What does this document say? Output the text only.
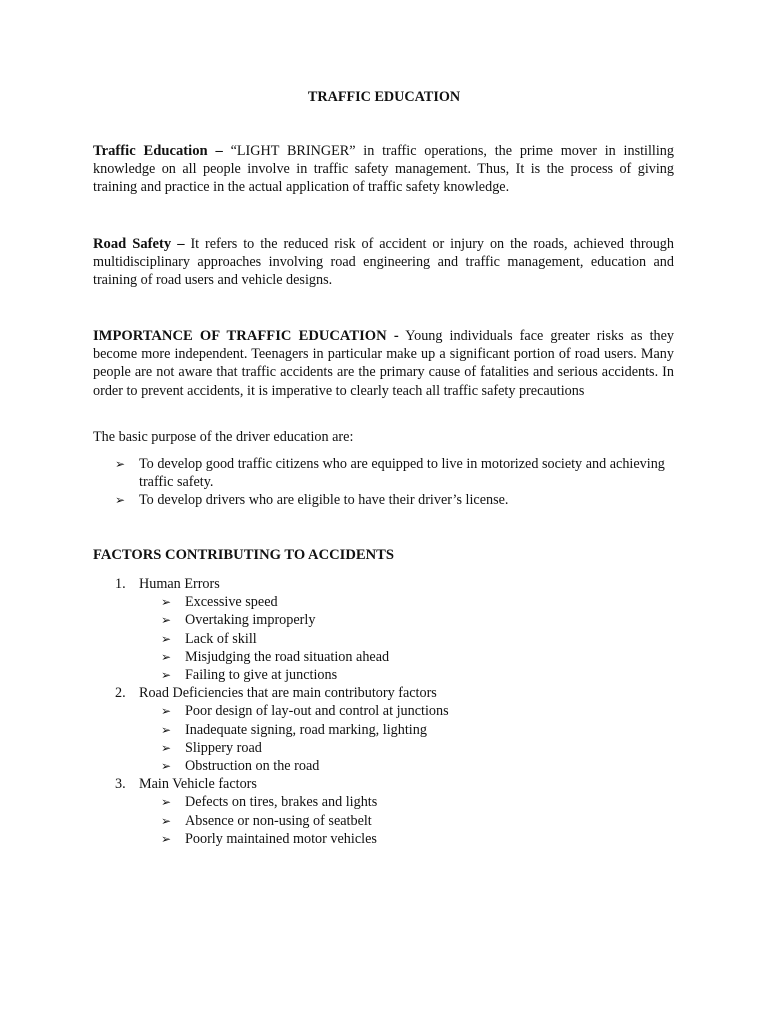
TRAFFIC EDUCATION

Traffic Education – “LIGHT BRINGER” in traffic operations, the prime mover in instilling knowledge on all people involve in traffic safety management. Thus, It is the process of giving training and practice in the actual application of traffic safety knowledge.

Road Safety – It refers to the reduced risk of accident or injury on the roads, achieved through multidisciplinary approaches involving road engineering and traffic management, education and training of road users and vehicle designs.

IMPORTANCE OF TRAFFIC EDUCATION - Young individuals face greater risks as they become more independent. Teenagers in particular make up a significant portion of road users. Many people are not aware that traffic accidents are the primary cause of fatalities and serious accidents. In order to prevent accidents, it is imperative to clearly teach all traffic safety precautions

The basic purpose of the driver education are:

➢ To develop good traffic citizens who are equipped to live in motorized society and achieving traffic safety.
➢ To develop drivers who are eligible to have their driver’s license.
FACTORS CONTRIBUTING TO ACCIDENTS
1. Human Errors
➢ Excessive speed
➢ Overtaking improperly
➢ Lack of skill
➢ Misjudging the road situation ahead
➢ Failing to give at junctions
2. Road Deficiencies that are main contributory factors
➢ Poor design of lay-out and control at junctions
➢ Inadequate signing, road marking, lighting
➢ Slippery road
➢ Obstruction on the road
3. Main Vehicle factors
➢ Defects on tires, brakes and lights
➢ Absence or non-using of seatbelt
➢ Poorly maintained motor vehicles
